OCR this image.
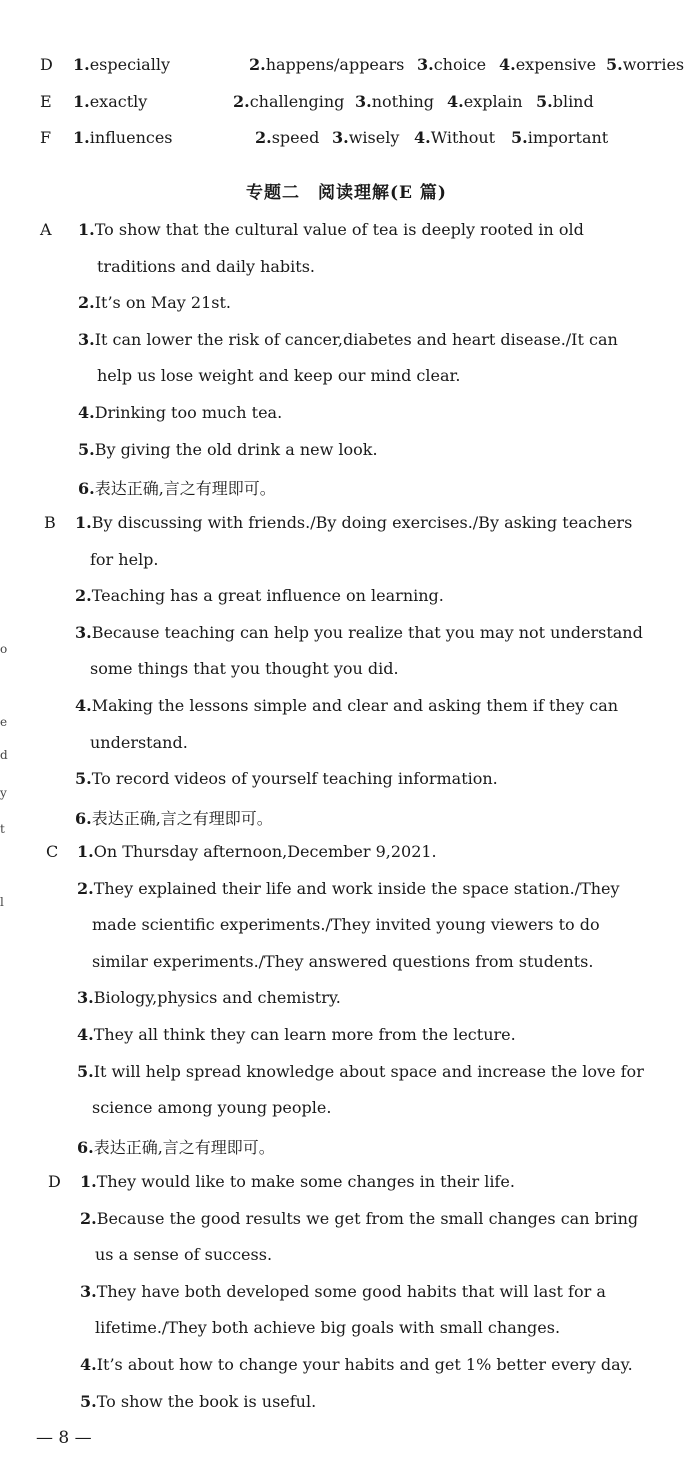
D 1.especially	2.happens/appears 3.choice 4.expensive 5.worries
E 1.exactly	2.challenging 3.nothing 4.explain 5.blind
F 1.influences	2.speed 3.wisely 4.Without 5.important
专题二　阅读理解(E 篇)
A 1.To show that the cultural value of tea is deeply rooted in old
traditions and daily habits.
2.It’s on May 21st.
3.It can lower the risk of cancer,diabetes and heart disease./It can
help us lose weight and keep our mind clear.
4.Drinking too much tea.
5.By giving the old drink a new look.
6.表达正确,言之有理即可。
B 1.By discussing with friends./By doing exercises./By asking teachers
for help.
2.Teaching has a great influence on learning.
3.Because teaching can help you realize that you may not understand
some things that you thought you did.
4.Making the lessons simple and clear and asking them if they can
understand.
5.To record videos of yourself teaching information.
6.表达正确,言之有理即可。
C 1.On Thursday afternoon,December 9,2021.
2.They explained their life and work inside the space station./They
made scientific experiments./They invited young viewers to do
similar experiments./They answered questions from students.
3.Biology,physics and chemistry.
4.They all think they can learn more from the lecture.
5.It will help spread knowledge about space and increase the love for
science among young people.
6.表达正确,言之有理即可。
D 1.They would like to make some changes in their life.
2.Because the good results we get from the small changes can bring
us a sense of success.
3.They have both developed some good habits that will last for a
lifetime./They both achieve big goals with small changes.
4.It’s about how to change your habits and get 1% better every day.
5.To show the book is useful.
— 8 —
e
d
y
t
l
o
